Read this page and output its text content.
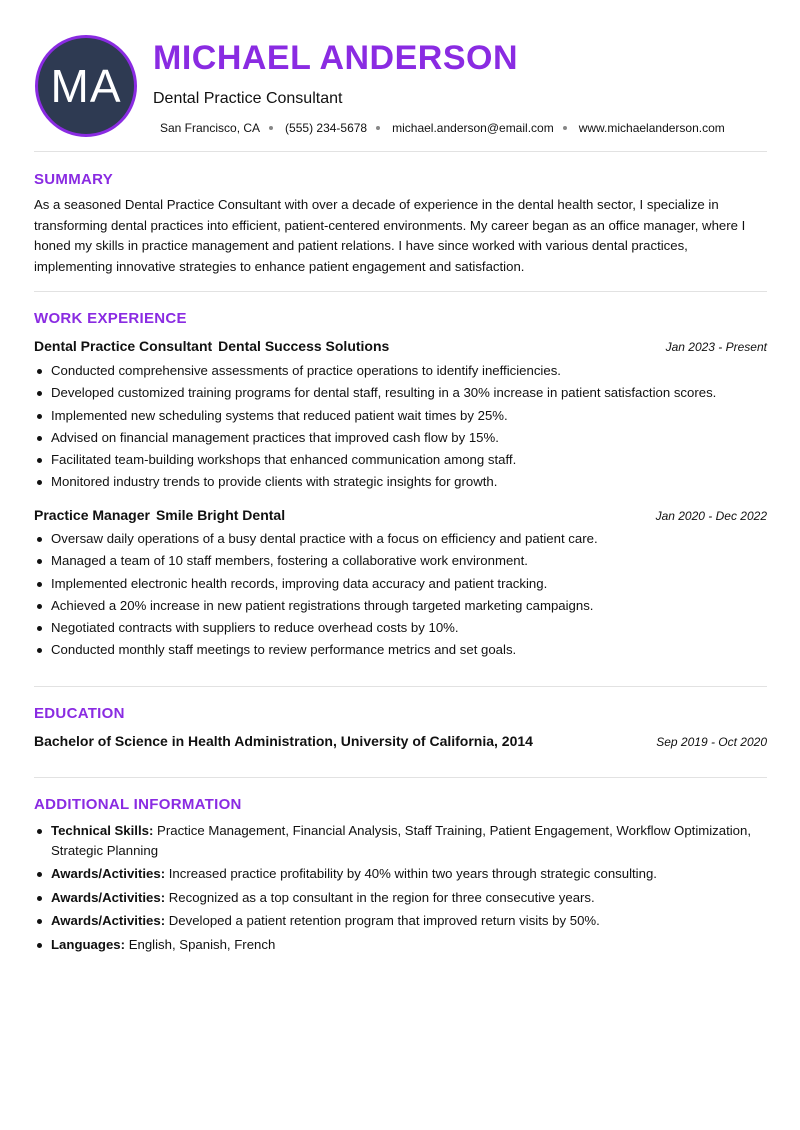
MA
MICHAEL ANDERSON
Dental Practice Consultant
San Francisco, CA (555) 234-5678 michael.anderson@email.com www.michaelanderson.com
SUMMARY

As a seasoned Dental Practice Consultant with over a decade of experience in the dental health sector, I specialize in transforming dental practices into efficient, patient-centered environments. My career began as an office manager, where I honed my skills in practice management and patient relations. I have since worked with various dental practices, implementing innovative strategies to enhance patient engagement and satisfaction.

WORK EXPERIENCE
Dental Practice Consultant Dental Success Solutions	Jan 2023 - Present
Conducted comprehensive assessments of practice operations to identify inefficiencies.
Developed customized training programs for dental staff, resulting in a 30% increase in patient satisfaction scores.
Implemented new scheduling systems that reduced patient wait times by 25%.
Advised on financial management practices that improved cash flow by 15%.
Facilitated team-building workshops that enhanced communication among staff.
Monitored industry trends to provide clients with strategic insights for growth.
Practice Manager Smile Bright Dental	Jan 2020 - Dec 2022
Oversaw daily operations of a busy dental practice with a focus on efficiency and patient care.
Managed a team of 10 staff members, fostering a collaborative work environment.
Implemented electronic health records, improving data accuracy and patient tracking.
Achieved a 20% increase in new patient registrations through targeted marketing campaigns.
Negotiated contracts with suppliers to reduce overhead costs by 10%.
Conducted monthly staff meetings to review performance metrics and set goals.
EDUCATION
Bachelor of Science in Health Administration, University of California, 2014	Sep 2019 - Oct 2020
ADDITIONAL INFORMATION
Technical Skills: Practice Management, Financial Analysis, Staff Training, Patient Engagement, Workflow Optimization, Strategic Planning
Awards/Activities: Increased practice profitability by 40% within two years through strategic consulting.
Awards/Activities: Recognized as a top consultant in the region for three consecutive years.
Awards/Activities: Developed a patient retention program that improved return visits by 50%.
Languages: English, Spanish, French
